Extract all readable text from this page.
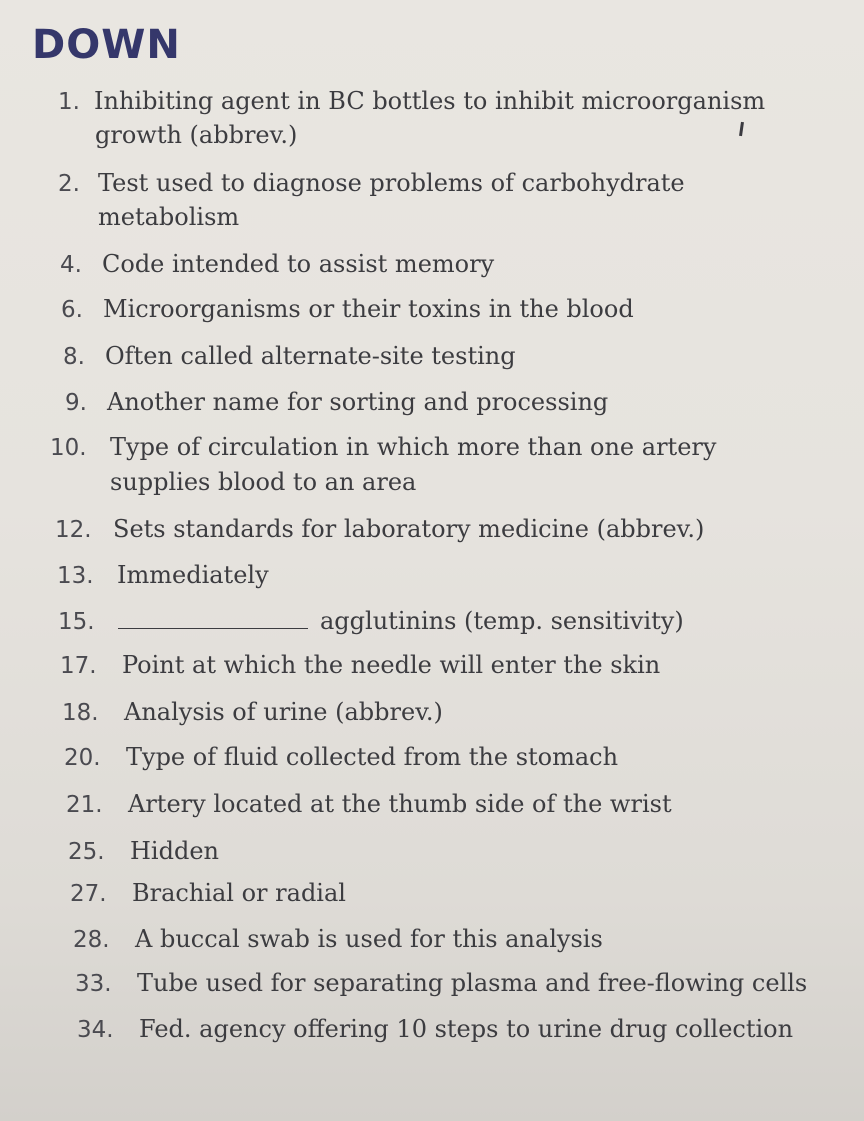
DOWN
1. Inhibiting agent in BC bottles to inhibit microorganism
growth (abbrev.)
2. Test used to diagnose problems of carbohydrate
metabolism
4. Code intended to assist memory
6. Microorganisms or their toxins in the blood
8. Often called alternate-site testing
9. Another name for sorting and processing
10. Type of circulation in which more than one artery
supplies blood to an area
12. Sets standards for laboratory medicine (abbrev.)
13. Immediately
15.	agglutinins (temp. sensitivity)
17. Point at which the needle will enter the skin
18. Analysis of urine (abbrev.)
20. Type of fluid collected from the stomach
21. Artery located at the thumb side of the wrist
25. Hidden
27. Brachial or radial
28. A buccal swab is used for this analysis
33. Tube used for separating plasma and free-flowing cells
34. Fed. agency offering 10 steps to urine drug collection
